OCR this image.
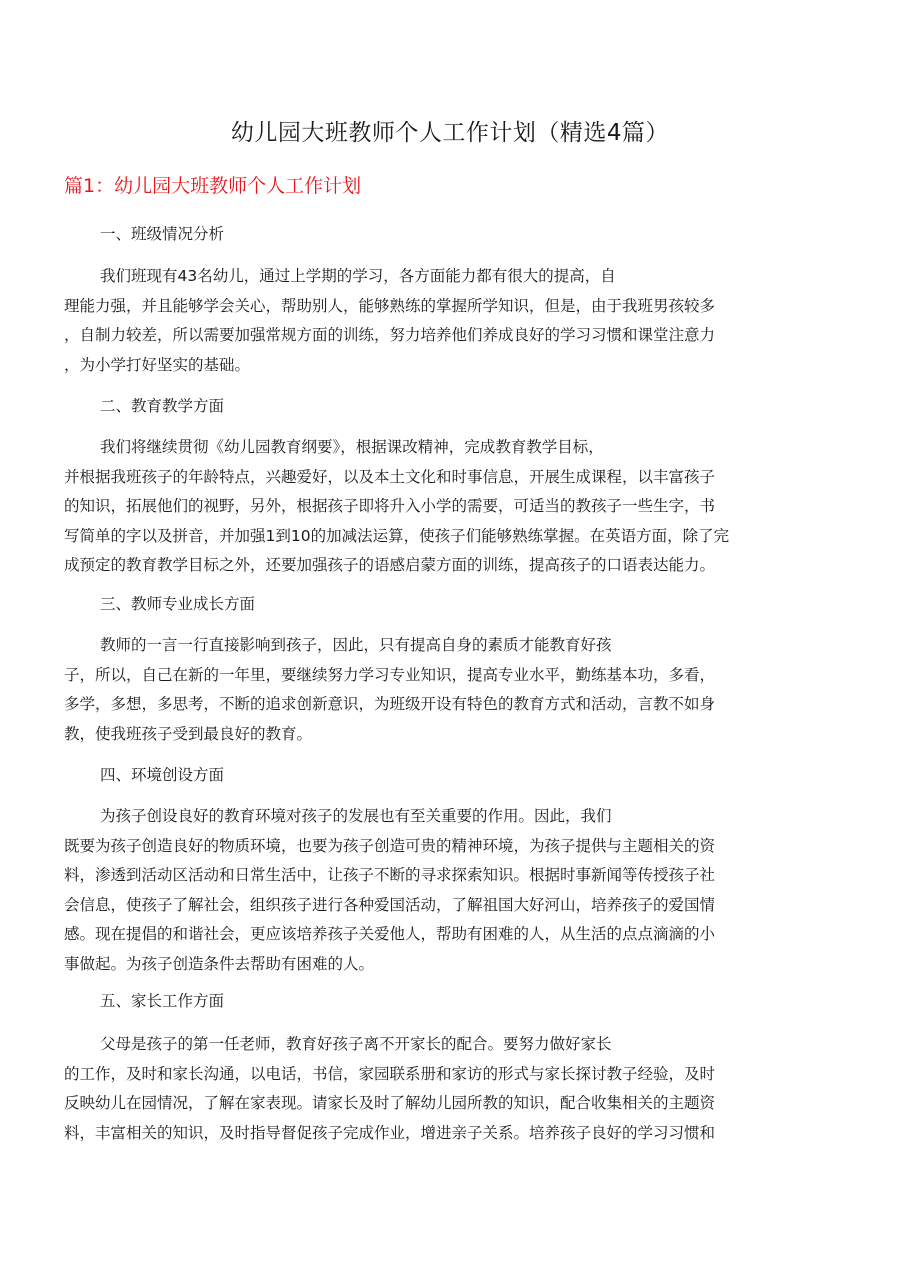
幼儿园大班教师个人工作计划（精选4篇）
篇1：幼儿园大班教师个人工作计划
一、班级情况分析
我们班现有43名幼儿，通过上学期的学习，各方面能力都有很大的提高，自
理能力强，并且能够学会关心，帮助别人，能够熟练的掌握所学知识，但是，由于我班男孩较多
，自制力较差，所以需要加强常规方面的训练，努力培养他们养成良好的学习习惯和课堂注意力
，为小学打好坚实的基础。
二、教育教学方面
我们将继续贯彻《幼儿园教育纲要》，根据课改精神，完成教育教学目标，
并根据我班孩子的年龄特点，兴趣爱好，以及本土文化和时事信息，开展生成课程，以丰富孩子
的知识，拓展他们的视野，另外，根据孩子即将升入小学的需要，可适当的教孩子一些生字，书
写简单的字以及拼音，并加强1到10的加减法运算，使孩子们能够熟练掌握。在英语方面，除了完
成预定的教育教学目标之外，还要加强孩子的语感启蒙方面的训练，提高孩子的口语表达能力。
三、教师专业成长方面
教师的一言一行直接影响到孩子，因此，只有提高自身的素质才能教育好孩
子，所以，自己在新的一年里，要继续努力学习专业知识，提高专业水平，勤练基本功，多看，
多学，多想，多思考，不断的追求创新意识，为班级开设有特色的教育方式和活动，言教不如身
教，使我班孩子受到最良好的教育。
四、环境创设方面
为孩子创设良好的教育环境对孩子的发展也有至关重要的作用。因此，我们
既要为孩子创造良好的物质环境，也要为孩子创造可贵的精神环境，为孩子提供与主题相关的资
料，渗透到活动区活动和日常生活中，让孩子不断的寻求探索知识。根据时事新闻等传授孩子社
会信息，使孩子了解社会，组织孩子进行各种爱国活动，了解祖国大好河山，培养孩子的爱国情
感。现在提倡的和谐社会，更应该培养孩子关爱他人，帮助有困难的人，从生活的点点滴滴的小
事做起。为孩子创造条件去帮助有困难的人。
五、家长工作方面
父母是孩子的第一任老师，教育好孩子离不开家长的配合。要努力做好家长
的工作，及时和家长沟通，以电话，书信，家园联系册和家访的形式与家长探讨教子经验，及时
反映幼儿在园情况，了解在家表现。请家长及时了解幼儿园所教的知识，配合收集相关的主题资
料，丰富相关的知识，及时指导督促孩子完成作业，增进亲子关系。培养孩子良好的学习习惯和
